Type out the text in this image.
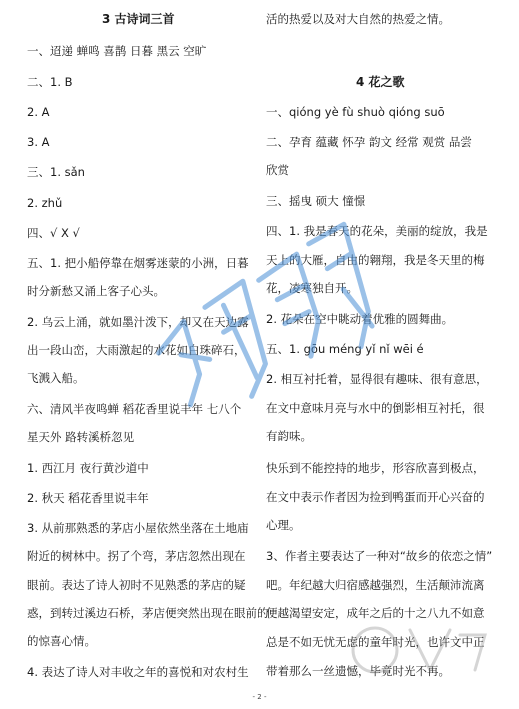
3 古诗词三首
一、迢递 蝉鸣 喜鹊 日暮 黑云 空旷
二、1. B
2. A
3. A
三、1. sǎn
2. zhǔ
四、√ X √
五、1. 把小船停靠在烟雾迷蒙的小洲，日暮
时分新愁又涌上客子心头。
2. 乌云上涌，就如墨汁泼下，却又在天边露
出一段山峦，大雨激起的水花如白珠碎石，
飞溅入船。
六、清风半夜鸣蝉 稻花香里说丰年 七八个
星天外 路转溪桥忽见
1. 西江月 夜行黄沙道中
2. 秋天 稻花香里说丰年
3. 从前那熟悉的茅店小屋依然坐落在土地庙
附近的树林中。拐了个弯，茅店忽然出现在
眼前。表达了诗人初时不见熟悉的茅店的疑
惑，到转过溪边石桥，茅店便突然出现在眼前的
的惊喜心情。
4. 表达了诗人对丰收之年的喜悦和对农村生
活的热爱以及对大自然的热爱之情。
4 花之歌
一、qióng yè fù shuò qióng suō
二、孕育 蕴藏 怀孕 韵文 经常 观赏 品尝
欣赏
三、摇曳 硕大 憧憬
四、1. 我是春天的花朵，美丽的绽放，我是
天上的大雁，自由的翱翔，我是冬天里的梅
花，凌寒独自开。
2. 花朵在空中眺动着优雅的圆舞曲。
五、1. gōu méng yǐ nǐ wēi é
2. 相互衬托着，显得很有趣味、很有意思，
在文中意味月亮与水中的倒影相互衬托，很
有韵味。
快乐到不能控持的地步，形容欣喜到极点，
在文中表示作者因为捡到鸭蛋而开心兴奋的
心理。
3、作者主要表达了一种对“故乡的依恋之情”
吧。年纪越大归宿感越强烈，生活颠沛流离
便越渴望安定，成年之后的十之八九不如意
总是不如无忧无虑的童年时光，也许文中正
带着那么一丝遗憾，毕竟时光不再。
- 2 -
